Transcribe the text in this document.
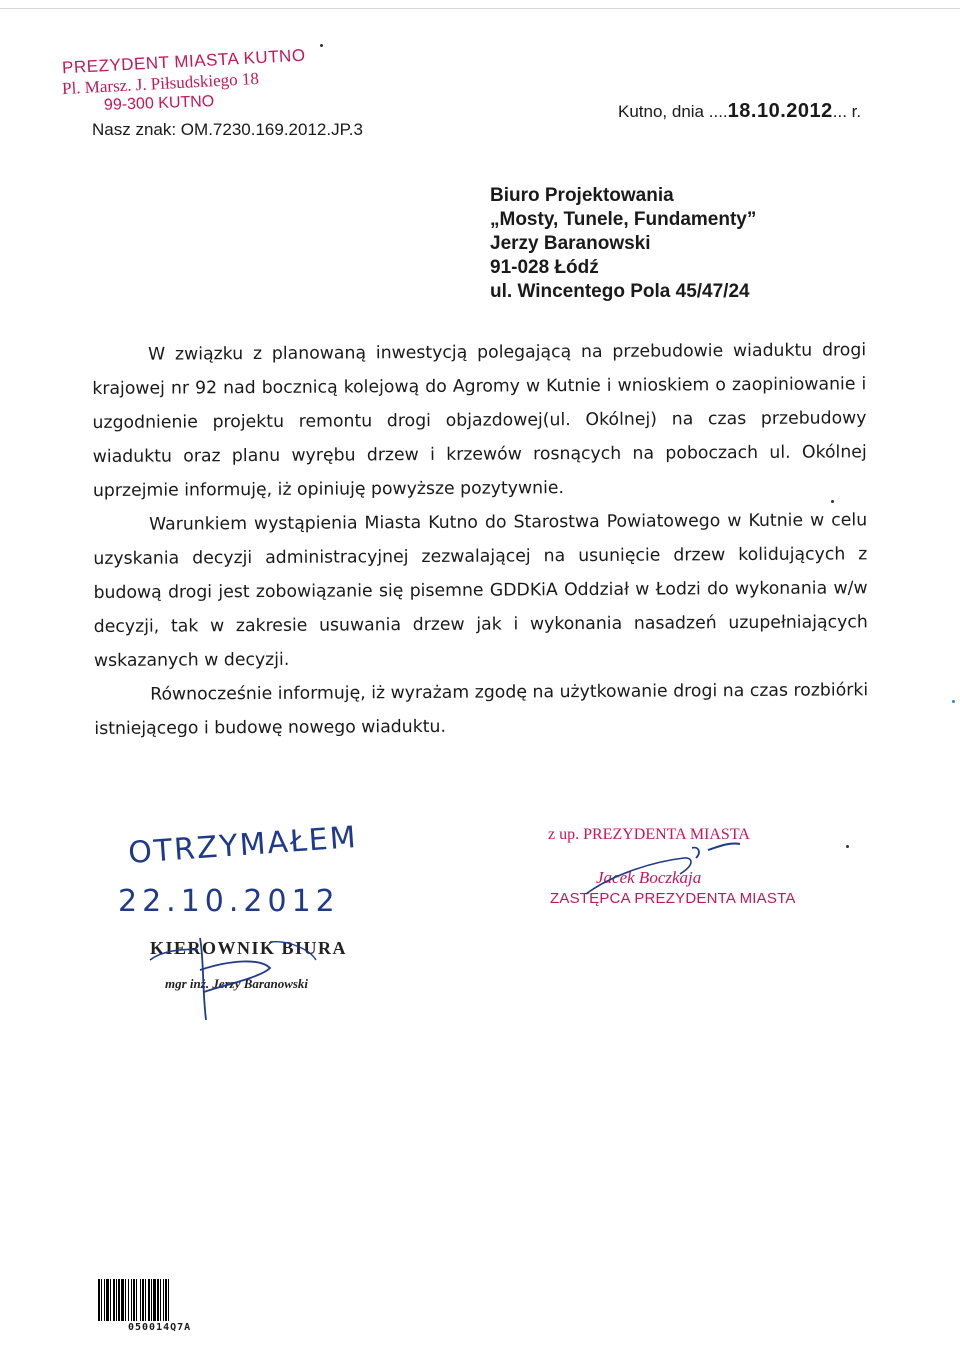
PREZYDENT MIASTA KUTNO
Pl. Marsz. J. Piłsudskiego 18
99-300 KUTNO
Nasz znak: OM.7230.169.2012.JP.3
Kutno, dnia ....18.10.2012... r.
Biuro Projektowania
„Mosty, Tunele, Fundamenty”
Jerzy Baranowski
91-028 Łódź
ul. Wincentego Pola 45/47/24

W związku z planowaną inwestycją polegającą na przebudowie wiaduktu drogi krajowej nr 92 nad bocznicą kolejową do Agromy w Kutnie i wnioskiem o zaopiniowanie i uzgodnienie projektu remontu drogi objazdowej(ul. Okólnej) na czas przebudowy wiaduktu oraz planu wyrębu drzew i krzewów rosnących na poboczach ul. Okólnej uprzejmie informuję, iż opiniuję powyższe pozytywnie.

Warunkiem wystąpienia Miasta Kutno do Starostwa Powiatowego w Kutnie w celu uzyskania decyzji administracyjnej zezwalającej na usunięcie drzew kolidujących z budową drogi jest zobowiązanie się pisemne GDDKiA Oddział w Łodzi do wykonania w/w decyzji, tak w zakresie usuwania drzew jak i wykonania nasadzeń uzupełniających wskazanych w decyzji.

Równocześnie informuję, iż wyrażam zgodę na użytkowanie drogi na czas rozbiórki istniejącego i budowę nowego wiaduktu.

OTRZYMAŁEM
22.10.2012
z up. PREZYDENTA MIASTA
Jacek Boczkaja
ZASTĘPCA PREZYDENTA MIASTA
KIEROWNIK BIURA
mgr inż. Jerzy Baranowski
050014Q7A
